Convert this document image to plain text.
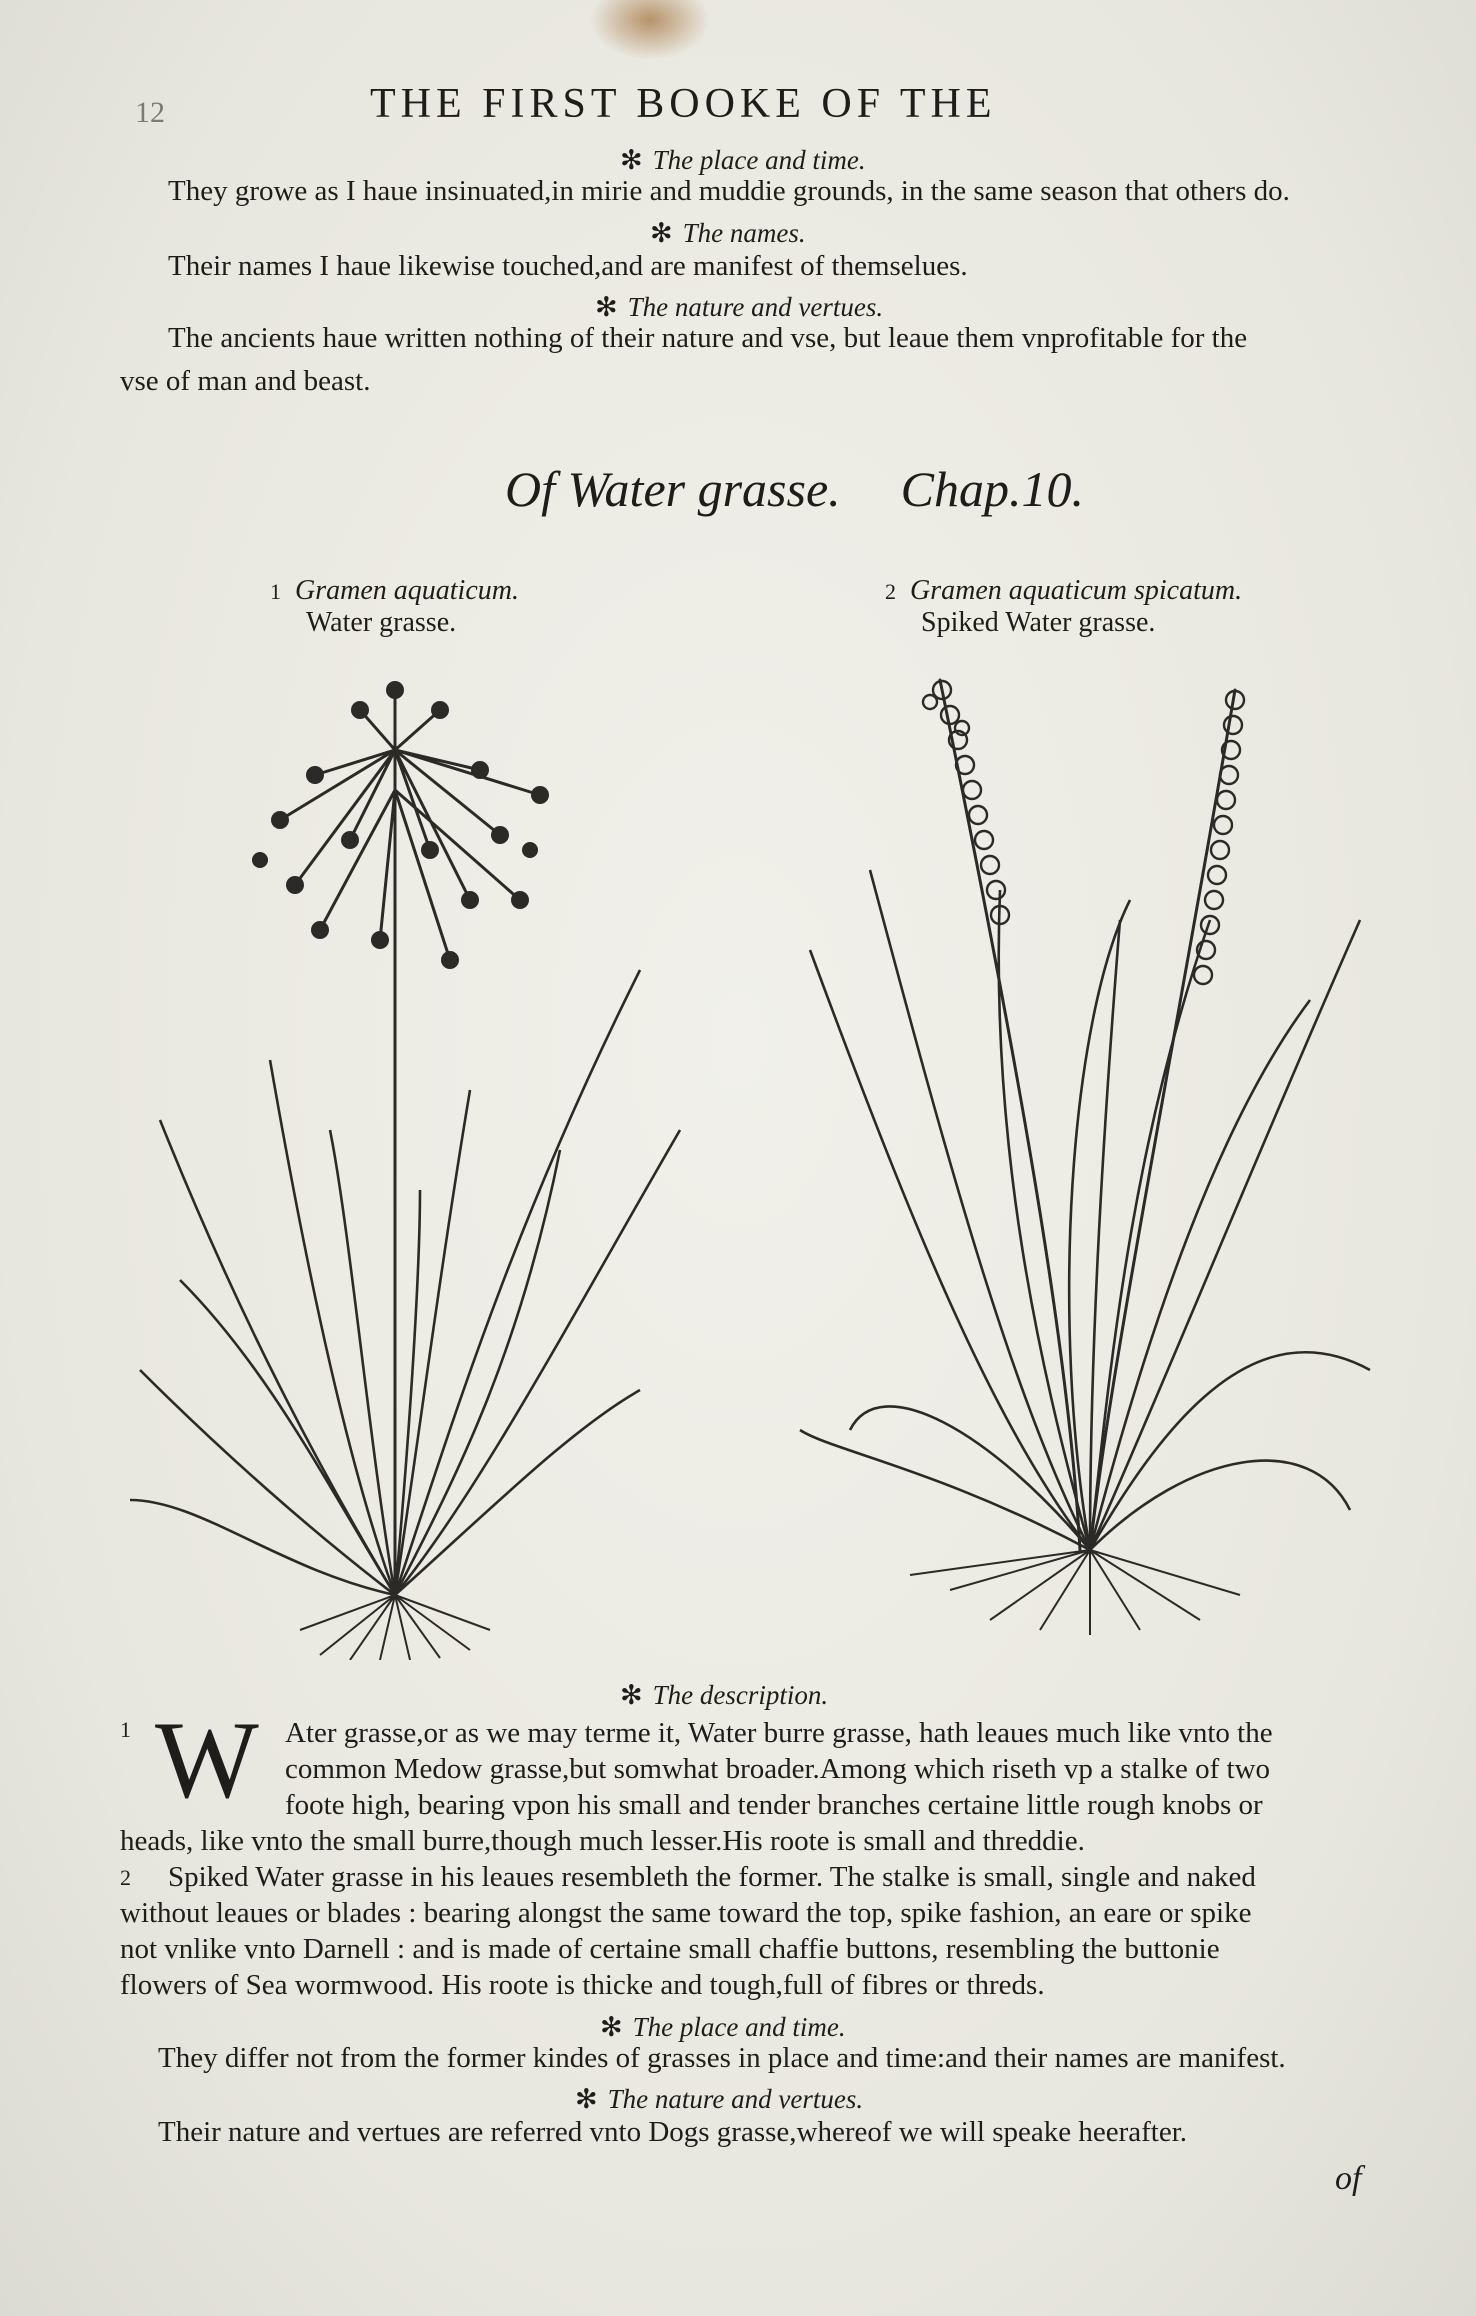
12	THE FIRST BOOKE OF THE
✻ The place and time.
They growe as I haue insinuated,in mirie and muddie grounds, in the same season that others do.
✻ The names.
Their names I haue likewise touched,and are manifest of themselues.
✻ The nature and vertues.
The ancients haue written nothing of their nature and vse, but leaue them vnprofitable for the
vse of man and beast.
Of Water grasse. Chap.10.
1 Gramen aquaticum.
Water grasse.
2 Gramen aquaticum spicatum.
Spiked Water grasse.
✻ The description.
1 W Ater grasse,or as we may terme it, Water burre grasse, hath leaues much like vnto the
common Medow grasse,but somwhat broader.Among which riseth vp a stalke of two
foote high, bearing vpon his small and tender branches certaine little rough knobs or
heads, like vnto the small burre,though much lesser.His roote is small and threddie.
2 Spiked Water grasse in his leaues resembleth the former. The stalke is small, single and naked
without leaues or blades : bearing alongst the same toward the top, spike fashion, an eare or spike
not vnlike vnto Darnell : and is made of certaine small chaffie buttons, resembling the buttonie
flowers of Sea wormwood. His roote is thicke and tough,full of fibres or threds.
✻ The place and time.
They differ not from the former kindes of grasses in place and time:and their names are manifest.
✻ The nature and vertues.
Their nature and vertues are referred vnto Dogs grasse,whereof we will speake heerafter.
of
